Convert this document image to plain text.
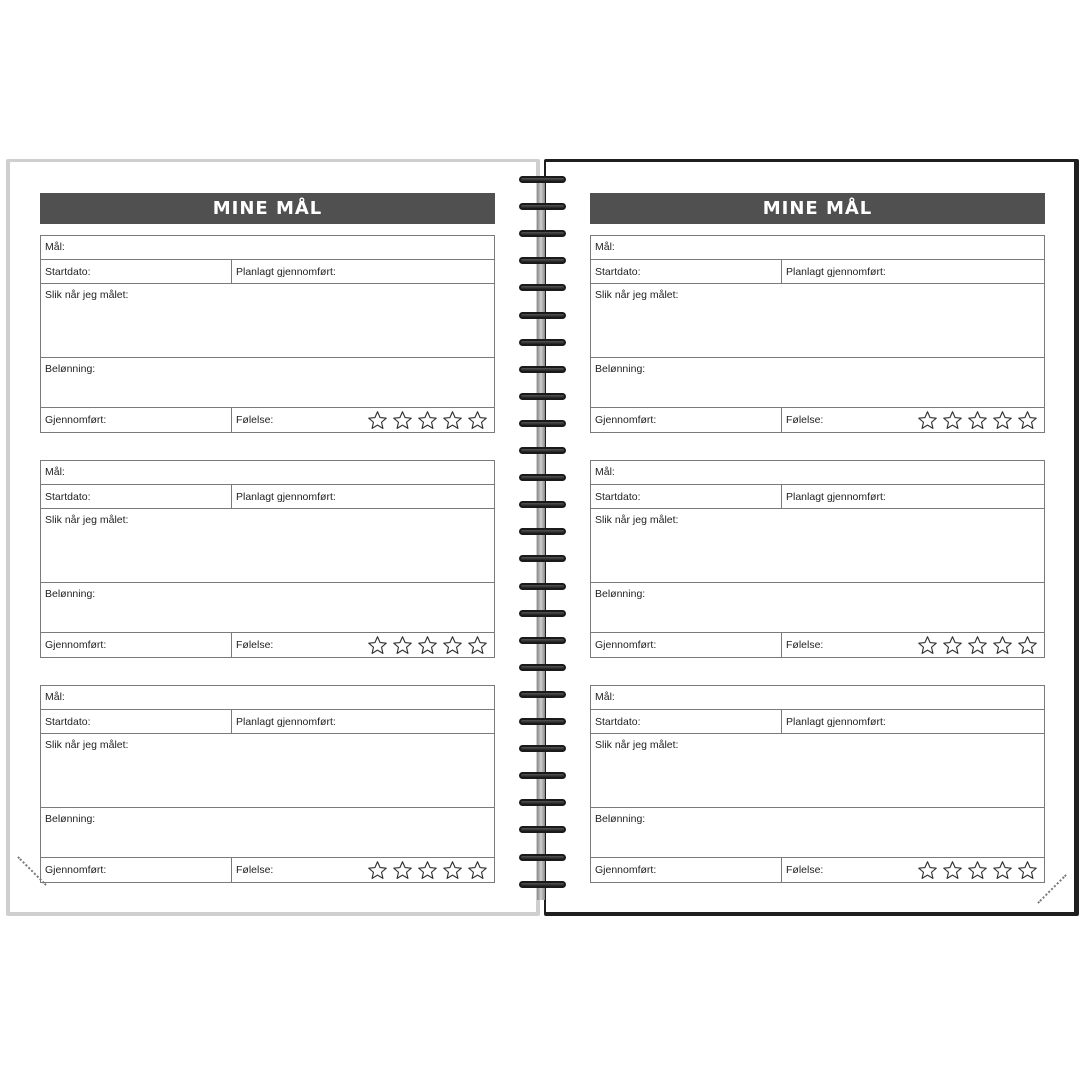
MINE MÅL
Mål:
Startdato:	Planlagt gjennomført:
Slik når jeg målet:
Belønning:
Gjennomført:	Følelse:
Mål:
Startdato:	Planlagt gjennomført:
Slik når jeg målet:
Belønning:
Gjennomført:	Følelse:
Mål:
Startdato:	Planlagt gjennomført:
Slik når jeg målet:
Belønning:
Gjennomført:	Følelse:
MINE MÅL
Mål:
Startdato:	Planlagt gjennomført:
Slik når jeg målet:
Belønning:
Gjennomført:	Følelse:
Mål:
Startdato:	Planlagt gjennomført:
Slik når jeg målet:
Belønning:
Gjennomført:	Følelse:
Mål:
Startdato:	Planlagt gjennomført:
Slik når jeg målet:
Belønning:
Gjennomført:	Følelse:
